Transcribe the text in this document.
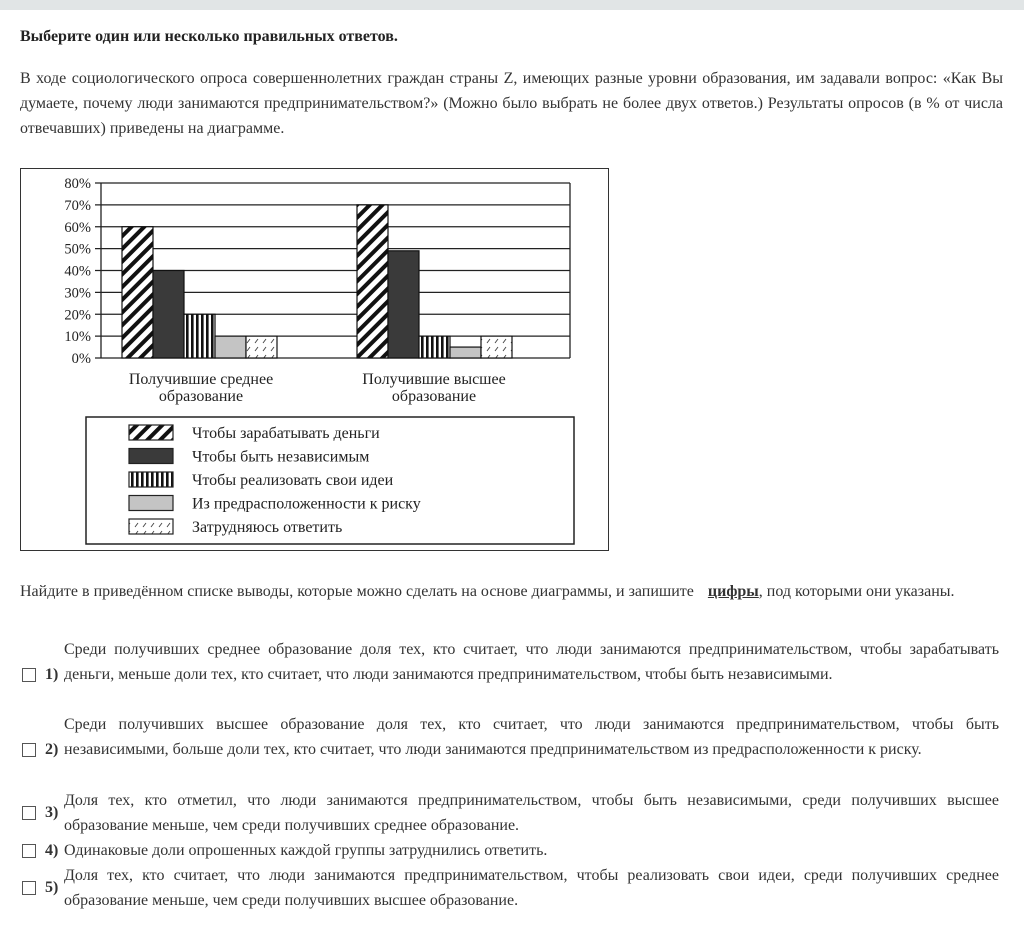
Выберите один или несколько правильных ответов.
В ходе социологического опроса совершеннолетних граждан страны Z, имеющих разные уровни образования, им задавали вопрос: «Как Вы думаете, почему люди занимаются предпринимательством?» (Можно было выбрать не более двух ответов.) Результаты опросов (в % от числа отвечавших) приведены на диаграмме.
0%
10%
20%
30%
40%
50%
60%
70%
80%
Получившие среднее
образование
Получившие высшее
образование
Чтобы зарабатывать деньги
Чтобы быть независимым
Чтобы реализовать свои идеи
Из предрасположенности к риску
Затрудняюсь ответить
Найдите в приведённом списке выводы, которые можно сделать на основе диаграммы, и запишите цифры, под которыми они указаны.
1)
Среди получивших среднее образование доля тех, кто считает, что люди занимаются предпринимательством, чтобы зарабатывать деньги, меньше доли тех, кто считает, что люди занимаются предпринимательством, чтобы быть независимыми.
2)
Среди получивших высшее образование доля тех, кто считает, что люди занимаются предпринимательством, чтобы быть независимыми, больше доли тех, кто считает, что люди занимаются предпринимательством из предрасположенности к риску.
3)
Доля тех, кто отметил, что люди занимаются предпринимательством, чтобы быть независимыми, среди получивших высшее образование меньше, чем среди получивших среднее образование.
4) Одинаковые доли опрошенных каждой группы затруднились ответить.
5)
Доля тех, кто считает, что люди занимаются предпринимательством, чтобы реализовать свои идеи, среди получивших среднее образование меньше, чем среди получивших высшее образование.
